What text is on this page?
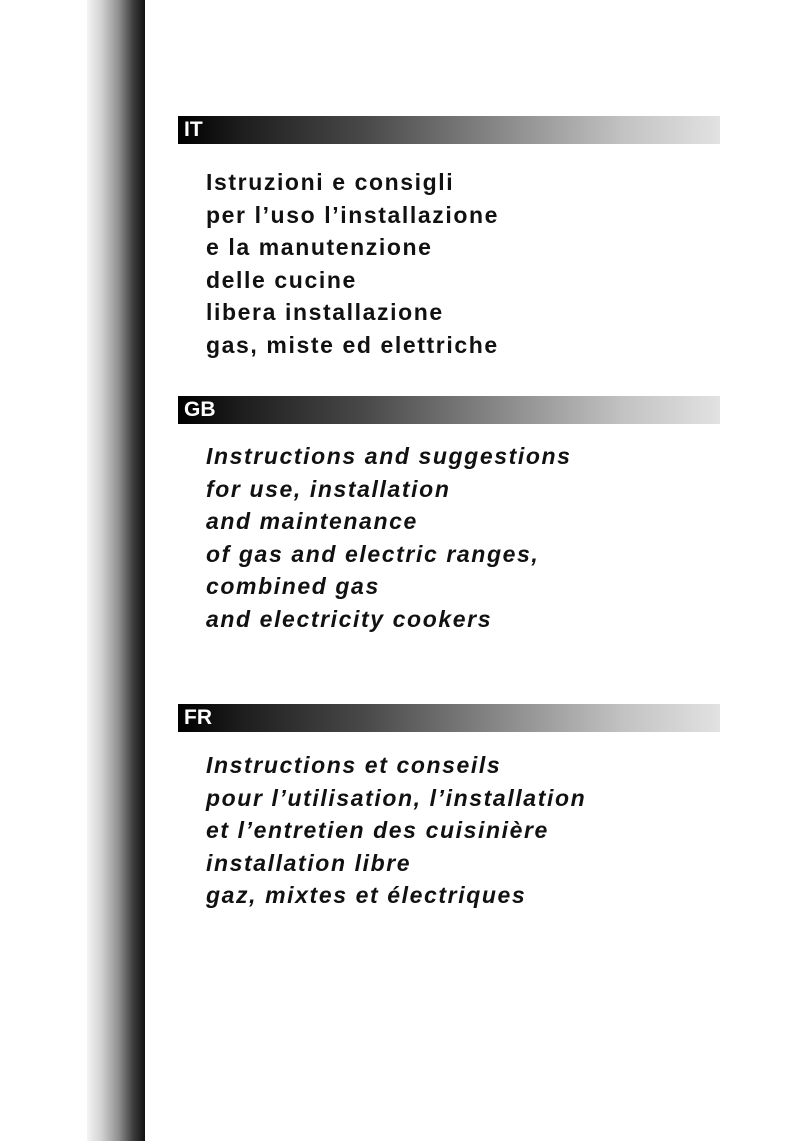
IT
Istruzioni e consigli
per l’uso l’installazione
e la manutenzione
delle cucine
libera installazione
gas, miste ed elettriche
GB
Instructions and suggestions
for use, installation
and maintenance
of gas and electric ranges,
combined gas
and electricity cookers
FR
Instructions et conseils
pour l’utilisation, l’installation
et l’entretien des cuisinière
installation libre
gaz, mixtes et électriques
